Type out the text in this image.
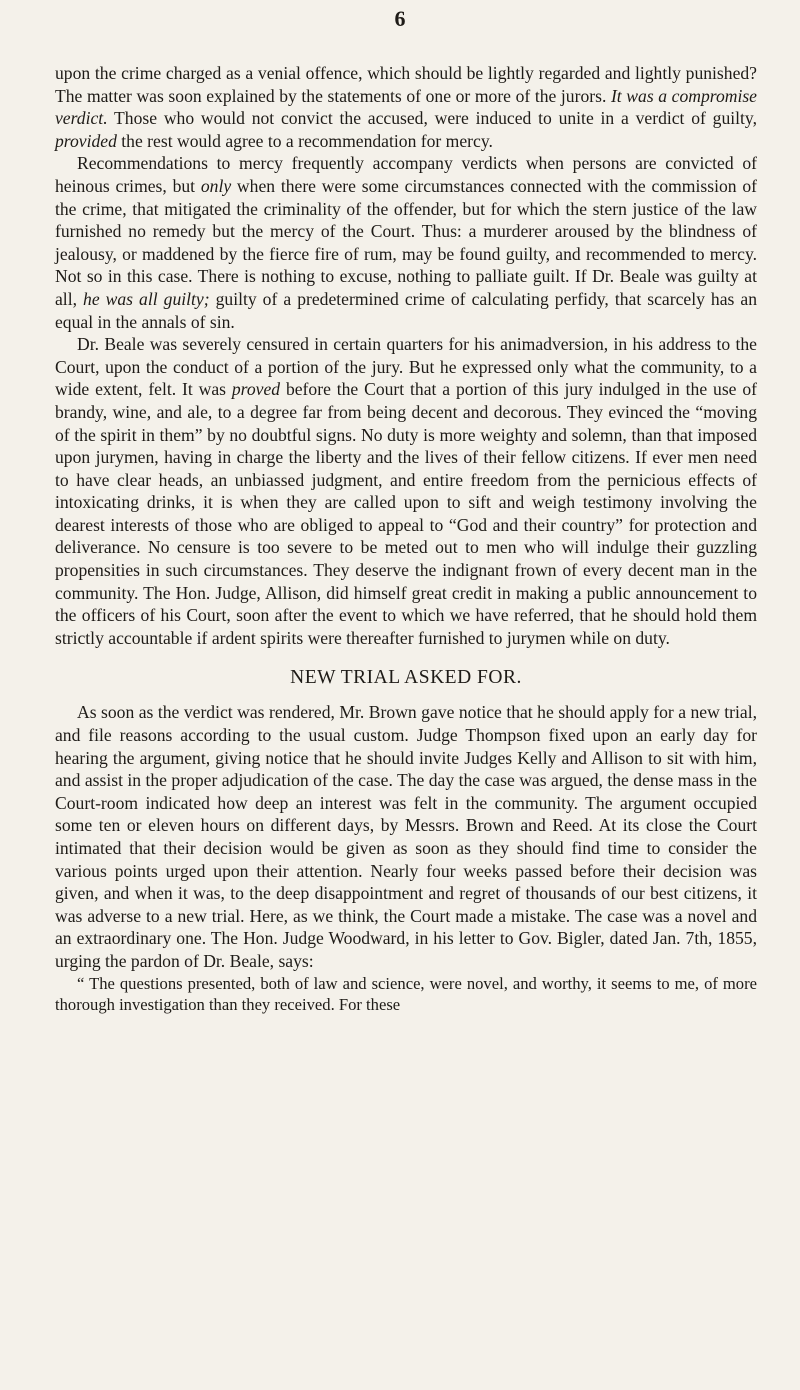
6

upon the crime charged as a venial offence, which should be lightly regarded and lightly punished? The matter was soon explained by the statements of one or more of the jurors. It was a compromise verdict. Those who would not convict the accused, were induced to unite in a verdict of guilty, provided the rest would agree to a recommendation for mercy.

Recommendations to mercy frequently accompany verdicts when persons are convicted of heinous crimes, but only when there were some circumstances connected with the commission of the crime, that mitigated the criminality of the offender, but for which the stern justice of the law furnished no remedy but the mercy of the Court. Thus: a murderer aroused by the blindness of jealousy, or maddened by the fierce fire of rum, may be found guilty, and recommended to mercy. Not so in this case. There is nothing to excuse, nothing to palliate guilt. If Dr. Beale was guilty at all, he was all guilty; guilty of a predetermined crime of calculating perfidy, that scarcely has an equal in the annals of sin.

Dr. Beale was severely censured in certain quarters for his animadversion, in his address to the Court, upon the conduct of a portion of the jury. But he expressed only what the community, to a wide extent, felt. It was proved before the Court that a portion of this jury indulged in the use of brandy, wine, and ale, to a degree far from being decent and decorous. They evinced the “moving of the spirit in them” by no doubtful signs. No duty is more weighty and solemn, than that imposed upon jurymen, having in charge the liberty and the lives of their fellow citizens. If ever men need to have clear heads, an unbiassed judgment, and entire freedom from the pernicious effects of intoxicating drinks, it is when they are called upon to sift and weigh testimony involving the dearest interests of those who are obliged to appeal to “God and their country” for protection and deliverance. No censure is too severe to be meted out to men who will indulge their guzzling propensities in such circumstances. They deserve the indignant frown of every decent man in the community. The Hon. Judge, Allison, did himself great credit in making a public announcement to the officers of his Court, soon after the event to which we have referred, that he should hold them strictly accountable if ardent spirits were thereafter furnished to jurymen while on duty.

NEW TRIAL ASKED FOR.

As soon as the verdict was rendered, Mr. Brown gave notice that he should apply for a new trial, and file reasons according to the usual custom. Judge Thompson fixed upon an early day for hearing the argument, giving notice that he should invite Judges Kelly and Allison to sit with him, and assist in the proper adjudication of the case. The day the case was argued, the dense mass in the Court-room indicated how deep an interest was felt in the community. The argument occupied some ten or eleven hours on different days, by Messrs. Brown and Reed. At its close the Court intimated that their decision would be given as soon as they should find time to consider the various points urged upon their attention. Nearly four weeks passed before their decision was given, and when it was, to the deep disappointment and regret of thousands of our best citizens, it was adverse to a new trial. Here, as we think, the Court made a mistake. The case was a novel and an extraordinary one. The Hon. Judge Woodward, in his letter to Gov. Bigler, dated Jan. 7th, 1855, urging the pardon of Dr. Beale, says:

“ The questions presented, both of law and science, were novel, and worthy, it seems to me, of more thorough investigation than they received. For these
